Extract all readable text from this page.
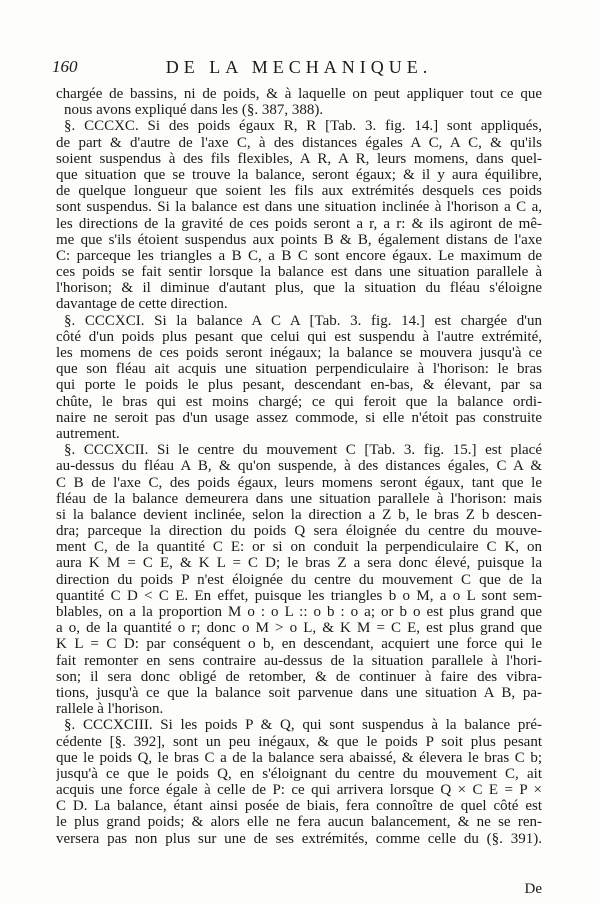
160	DE LA MECHANIQUE.
chargée de bassins, ni de poids, & à laquelle on peut appliquer tout ce que
nous avons expliqué dans les (§. 387, 388).
§. CCCXC. Si des poids égaux R, R [Tab. 3. fig. 14.] sont appliqués,
de part & d'autre de l'axe C, à des distances égales A C, A C, & qu'ils
soient suspendus à des fils flexibles, A R, A R, leurs momens, dans quel-
que situation que se trouve la balance, seront égaux; & il y aura équilibre,
de quelque longueur que soient les fils aux extrémités desquels ces poids
sont suspendus. Si la balance est dans une situation inclinée à l'horison a C a,
les directions de la gravité de ces poids seront a r, a r: & ils agiront de mê-
me que s'ils étoient suspendus aux points B & B, également distans de l'axe
C: parceque les triangles a B C, a B C sont encore égaux. Le maximum de
ces poids se fait sentir lorsque la balance est dans une situation parallele à
l'horison; & il diminue d'autant plus, que la situation du fléau s'éloigne
davantage de cette direction.
§. CCCXCI. Si la balance A C A [Tab. 3. fig. 14.] est chargée d'un
côté d'un poids plus pesant que celui qui est suspendu à l'autre extrémité,
les momens de ces poids seront inégaux; la balance se mouvera jusqu'à ce
que son fléau ait acquis une situation perpendiculaire à l'horison: le bras
qui porte le poids le plus pesant, descendant en-bas, & élevant, par sa
chûte, le bras qui est moins chargé; ce qui feroit que la balance ordi-
naire ne seroit pas d'un usage assez commode, si elle n'étoit pas construite
autrement.
§. CCCXCII. Si le centre du mouvement C [Tab. 3. fig. 15.] est placé
au-dessus du fléau A B, & qu'on suspende, à des distances égales, C A &
C B de l'axe C, des poids égaux, leurs momens seront égaux, tant que le
fléau de la balance demeurera dans une situation parallele à l'horison: mais
si la balance devient inclinée, selon la direction a Z b, le bras Z b descen-
dra; parceque la direction du poids Q sera éloignée du centre du mouve-
ment C, de la quantité C E: or si on conduit la perpendiculaire C K, on
aura K M = C E, & K L = C D; le bras Z a sera donc élevé, puisque la
direction du poids P n'est éloignée du centre du mouvement C que de la
quantité C D < C E. En effet, puisque les triangles b o M, a o L sont sem-
blables, on a la proportion M o : o L :: o b : o a; or b o est plus grand que
a o, de la quantité o r; donc o M > o L, & K M = C E, est plus grand que
K L = C D: par conséquent o b, en descendant, acquiert une force qui le
fait remonter en sens contraire au-dessus de la situation parallele à l'hori-
son; il sera donc obligé de retomber, & de continuer à faire des vibra-
tions, jusqu'à ce que la balance soit parvenue dans une situation A B, pa-
rallele à l'horison.
§. CCCXCIII. Si les poids P & Q, qui sont suspendus à la balance pré-
cédente [§. 392], sont un peu inégaux, & que le poids P soit plus pesant
que le poids Q, le bras C a de la balance sera abaissé, & élevera le bras C b;
jusqu'à ce que le poids Q, en s'éloignant du centre du mouvement C, ait
acquis une force égale à celle de P: ce qui arrivera lorsque Q × C E = P ×
C D. La balance, étant ainsi posée de biais, fera connoître de quel côté est
le plus grand poids; & alors elle ne fera aucun balancement, & ne se ren-
versera pas non plus sur une de ses extrémités, comme celle du (§. 391).
De
